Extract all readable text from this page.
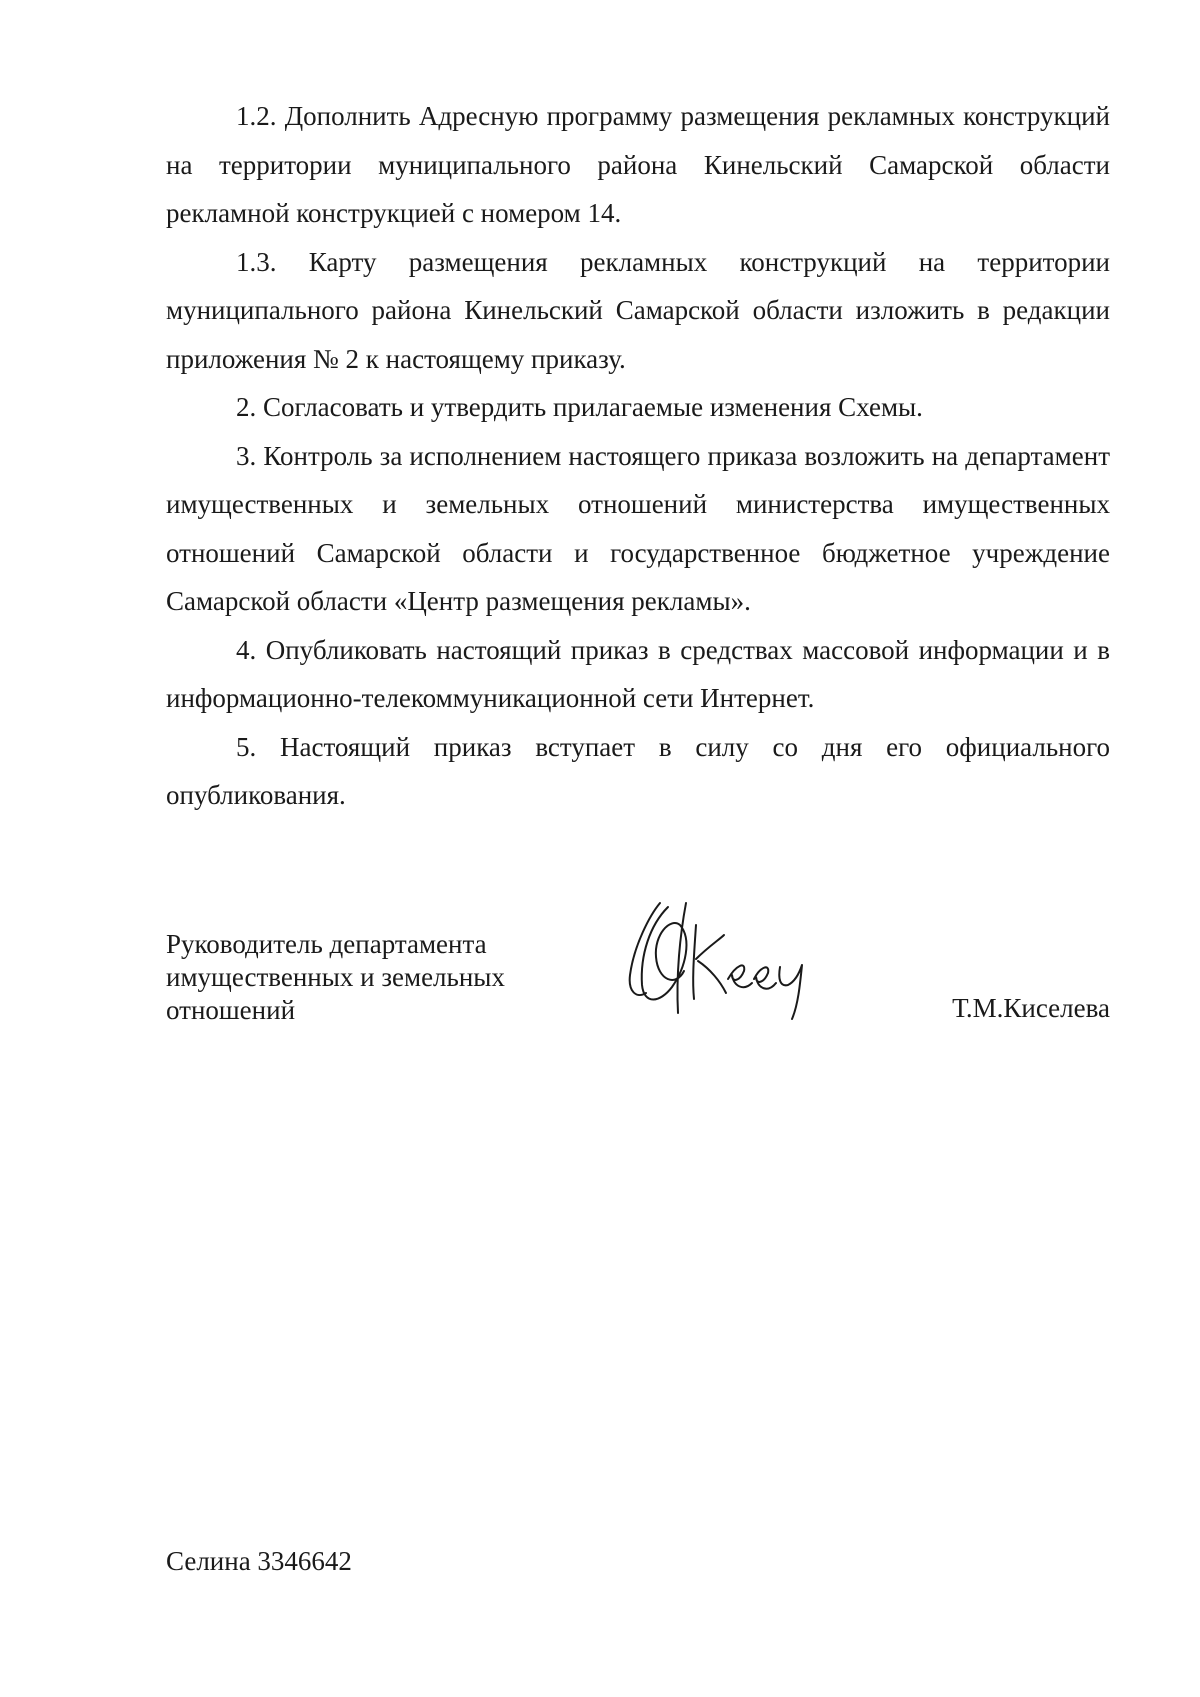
1.2. Дополнить Адресную программу размещения рекламных конструкций на территории муниципального района Кинельский Самарской области рекламной конструкцией с номером 14.

1.3. Карту размещения рекламных конструкций на территории муниципального района Кинельский Самарской области изложить в редакции приложения № 2 к настоящему приказу.

2. Согласовать и утвердить прилагаемые изменения Схемы.

3. Контроль за исполнением настоящего приказа возложить на департамент имущественных и земельных отношений министерства имущественных отношений Самарской области и государственное бюджетное учреждение Самарской области «Центр размещения рекламы».

4. Опубликовать настоящий приказ в средствах массовой информации и в информационно-телекоммуникационной сети Интернет.

5. Настоящий приказ вступает в силу со дня его официального опубликования.

Руководитель департамента
имущественных и земельных
отношений	Т.М.Киселева
Селина 3346642
